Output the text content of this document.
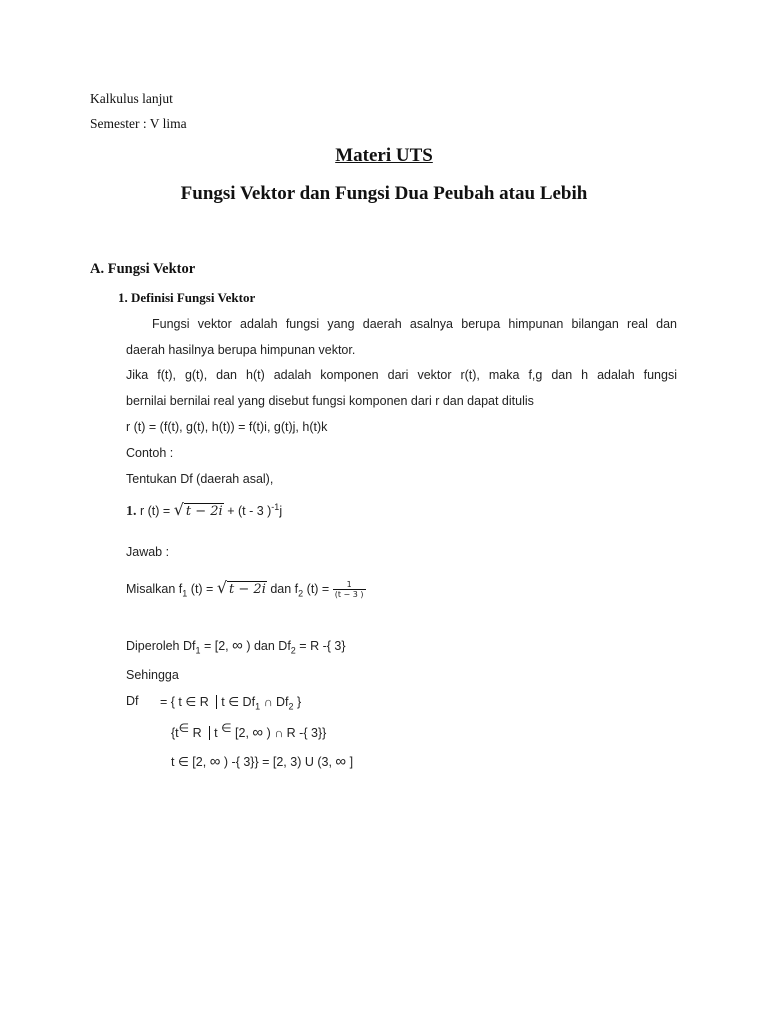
Kalkulus lanjut
Semester : V lima
Materi UTS
Fungsi Vektor dan Fungsi Dua Peubah atau Lebih
A. Fungsi Vektor
1. Definisi Fungsi Vektor
Fungsi vektor adalah fungsi yang daerah asalnya berupa himpunan bilangan real dan
daerah hasilnya berupa himpunan vektor.
Jika f(t), g(t), dan h(t) adalah komponen dari vektor r(t), maka f,g dan h adalah fungsi
bernilai bernilai real yang disebut fungsi komponen dari r dan dapat ditulis
r (t) = (f(t), g(t), h(t)) = f(t)i, g(t)j, h(t)k
Contoh :
Tentukan Df (daerah asal),
1. r (t) = √ t − 2i + (t - 3 )$^{-1}$j
Jawab :
Misalkan $f_1$ (t) = √ t − 2i dan $f_2$ $(t) = \frac{1}{(t - 3 )}$
Diperoleh $Df_1 = [2$, ∞ ) dan $Df_2 = R$ -{ 3}
Sehingga
Df = { t ∈ R t ∈ $Df_1$ ∩ $Df_2$ }
{t∈ R t ∈ [2, ∞ ) ∩ R -{ 3}}
t ∈ [2, ∞ ) -{ 3}} = [2, 3) U (3, ∞ ]
